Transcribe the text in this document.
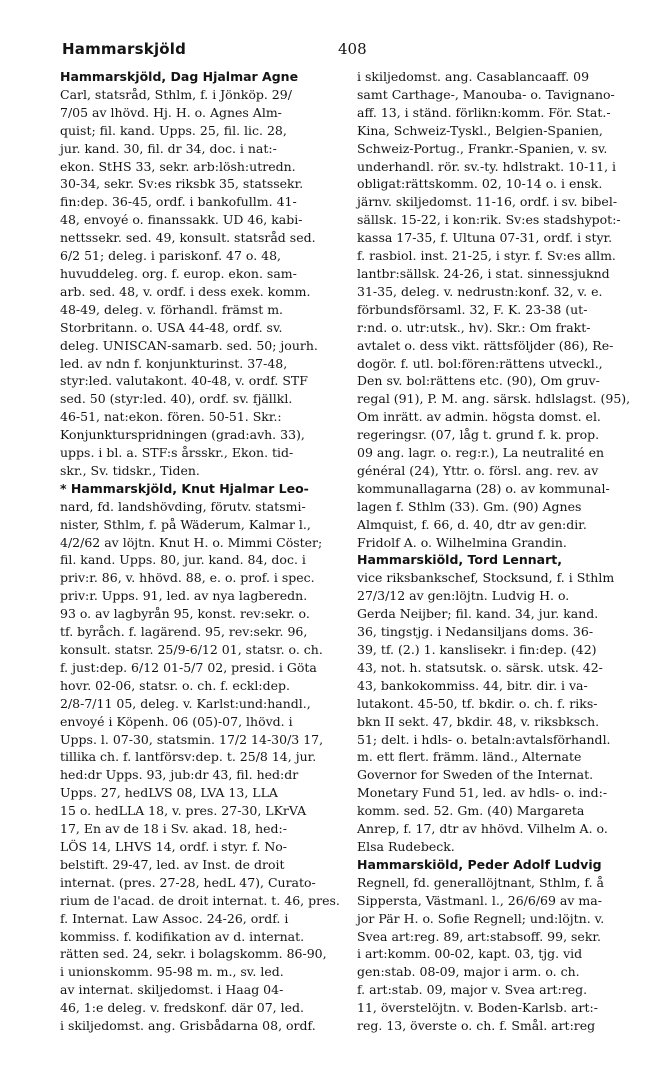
Hammarskjöld	408
Hammarskjöld, Dag Hjalmar Agne
Carl, statsråd, Sthlm, f. i Jönköp. 29/
7/05 av lhövd. Hj. H. o. Agnes Alm-
quist; fil. kand. Upps. 25, fil. lic. 28,
jur. kand. 30, fil. dr 34, doc. i nat:-
ekon. StHS 33, sekr. arb:lösh:utredn.
30-34, sekr. Sv:es riksbk 35, statssekr.
fin:dep. 36-45, ordf. i bankofullm. 41-
48, envoyé o. finanssakk. UD 46, kabi-
nettssekr. sed. 49, konsult. statsråd sed.
6/2 51; deleg. i pariskonf. 47 o. 48,
huvuddeleg. org. f. europ. ekon. sam-
arb. sed. 48, v. ordf. i dess exek. komm.
48-49, deleg. v. förhandl. främst m.
Storbritann. o. USA 44-48, ordf. sv.
deleg. UNISCAN-samarb. sed. 50; jourh.
led. av ndn f. konjunkturinst. 37-48,
styr:led. valutakont. 40-48, v. ordf. STF
sed. 50 (styr:led. 40), ordf. sv. fjällkl.
46-51, nat:ekon. fören. 50-51. Skr.:
Konjunkturspridningen (grad:avh. 33),
upps. i bl. a. STF:s årsskr., Ekon. tid-
skr., Sv. tidskr., Tiden.
* Hammarskjöld, Knut Hjalmar Leo-
nard, fd. landshövding, förutv. statsmi-
nister, Sthlm, f. på Wäderum, Kalmar l.,
4/2/62 av löjtn. Knut H. o. Mimmi Cöster;
fil. kand. Upps. 80, jur. kand. 84, doc. i
priv:r. 86, v. hhövd. 88, e. o. prof. i spec.
priv:r. Upps. 91, led. av nya lagberedn.
93 o. av lagbyrån 95, konst. rev:sekr. o.
tf. byråch. f. lagärend. 95, rev:sekr. 96,
konsult. statsr. 25/9-6/12 01, statsr. o. ch.
f. just:dep. 6/12 01-5/7 02, presid. i Göta
hovr. 02-06, statsr. o. ch. f. eckl:dep.
2/8-7/11 05, deleg. v. Karlst:und:handl.,
envoyé i Köpenh. 06 (05)-07, lhövd. i
Upps. l. 07-30, statsmin. 17/2 14-30/3 17,
tillika ch. f. lantförsv:dep. t. 25/8 14, jur.
hed:dr Upps. 93, jub:dr 43, fil. hed:dr
Upps. 27, hedLVS 08, LVA 13, LLA
15 o. hedLLA 18, v. pres. 27-30, LKrVA
17, En av de 18 i Sv. akad. 18, hed:-
LÖS 14, LHVS 14, ordf. i styr. f. No-
belstift. 29-47, led. av Inst. de droit
internat. (pres. 27-28, hedL 47), Curato-
rium de l'acad. de droit internat. t. 46, pres.
f. Internat. Law Assoc. 24-26, ordf. i
kommiss. f. kodifikation av d. internat.
rätten sed. 24, sekr. i bolagskomm. 86-90,
i unionskomm. 95-98 m. m., sv. led.
av internat. skiljedomst. i Haag 04-
46, 1:e deleg. v. fredskonf. där 07, led.
i skiljedomst. ang. Grisbådarna 08, ordf.
i skiljedomst. ang. Casablancaaff. 09
samt Carthage-, Manouba- o. Tavignano-
aff. 13, i ständ. förlikn:komm. För. Stat.-
Kina, Schweiz-Tyskl., Belgien-Spanien,
Schweiz-Portug., Frankr.-Spanien, v. sv.
underhandl. rör. sv.-ty. hdlstrakt. 10-11, i
obligat:rättskomm. 02, 10-14 o. i ensk.
järnv. skiljedomst. 11-16, ordf. i sv. bibel-
sällsk. 15-22, i kon:rik. Sv:es stadshypot:-
kassa 17-35, f. Ultuna 07-31, ordf. i styr.
f. rasbiol. inst. 21-25, i styr. f. Sv:es allm.
lantbr:sällsk. 24-26, i stat. sinnessjuknd
31-35, deleg. v. nedrustn:konf. 32, v. e.
förbundsförsaml. 32, F. K. 23-38 (ut-
r:nd. o. utr:utsk., hv). Skr.: Om frakt-
avtalet o. dess vikt. rättsföljder (86), Re-
dogör. f. utl. bol:fören:rättens utveckl.,
Den sv. bol:rättens etc. (90), Om gruv-
regal (91), P. M. ang. särsk. hdlslagst. (95),
Om inrätt. av admin. högsta domst. el.
regeringsr. (07, låg t. grund f. k. prop.
09 ang. lagr. o. reg:r.), La neutralité en
général (24), Yttr. o. försl. ang. rev. av
kommunallagarna (28) o. av kommunal-
lagen f. Sthlm (33). Gm. (90) Agnes
Almquist, f. 66, d. 40, dtr av gen:dir.
Fridolf A. o. Wilhelmina Grandin.
Hammarskiöld, Tord Lennart,
vice riksbankschef, Stocksund, f. i Sthlm
27/3/12 av gen:löjtn. Ludvig H. o.
Gerda Neijber; fil. kand. 34, jur. kand.
36, tingstjg. i Nedansiljans doms. 36-
39, tf. (2.) 1. kanslisekr. i fin:dep. (42)
43, not. h. statsutsk. o. särsk. utsk. 42-
43, bankokommiss. 44, bitr. dir. i va-
lutakont. 45-50, tf. bkdir. o. ch. f. riks-
bkn II sekt. 47, bkdir. 48, v. riksbksch.
51; delt. i hdls- o. betaln:avtalsförhandl.
m. ett flert. främm. länd., Alternate
Governor for Sweden of the Internat.
Monetary Fund 51, led. av hdls- o. ind:-
komm. sed. 52. Gm. (40) Margareta
Anrep, f. 17, dtr av hhövd. Vilhelm A. o.
Elsa Rudebeck.
Hammarskiöld, Peder Adolf Ludvig
Regnell, fd. generallöjtnant, Sthlm, f. å
Sippersta, Västmanl. l., 26/6/69 av ma-
jor Pär H. o. Sofie Regnell; und:löjtn. v.
Svea art:reg. 89, art:stabsoff. 99, sekr.
i art:komm. 00-02, kapt. 03, tjg. vid
gen:stab. 08-09, major i arm. o. ch.
f. art:stab. 09, major v. Svea art:reg.
11, överstelöjtn. v. Boden-Karlsb. art:-
reg. 13, överste o. ch. f. Smål. art:reg
